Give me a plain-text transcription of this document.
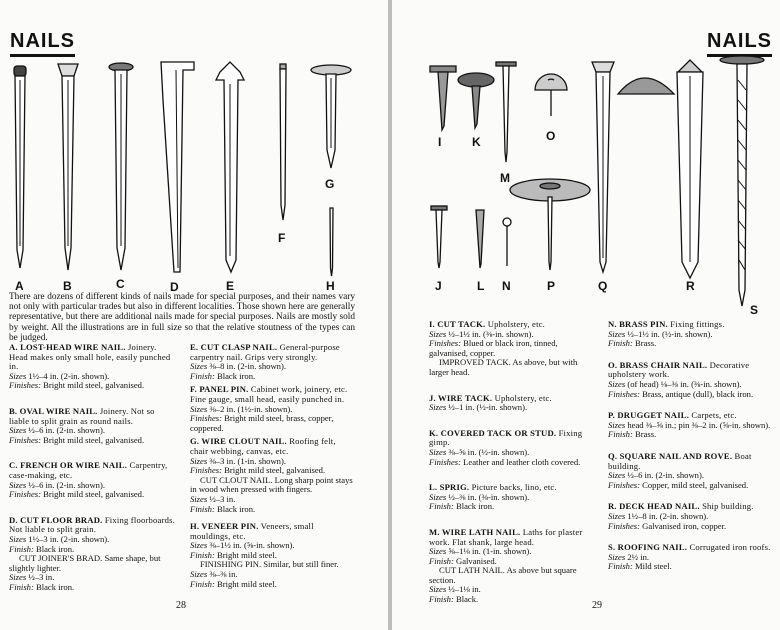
NAILS
A	B	C	D	E
F
G
H
There are dozens of different kinds of nails made for special purposes, and their names vary not only with particular trades but also in different localities. Those shown here are generally representative, but there are additional nails made for special purposes. Nails are mostly sold by weight. All the illustrations are in full size so that the relative stoutness of the types can be judged.

A. LOST-HEAD WIRE NAIL. Joinery. Head makes only small hole, easily punched in.

Sizes 1½–4 in. (2-in. shown).

Finishes: Bright mild steel, galvanised.

B. OVAL WIRE NAIL. Joinery. Not so liable to split grain as round nails.

Sizes ½–6 in. (2-in. shown).

Finishes: Bright mild steel, galvanised.

C. FRENCH OR WIRE NAIL. Carpentry, case-making, etc.

Sizes ½–6 in. (2-in. shown).

Finishes: Bright mild steel, galvanised.

D. CUT FLOOR BRAD. Fixing floorboards. Not liable to split grain.

Sizes 1½–3 in. (2-in. shown).

Finish: Black iron.

CUT JOINER'S BRAD. Same shape, but slightly lighter.

Sizes ½–3 in.

Finish: Black iron.

E. CUT CLASP NAIL. General-purpose carpentry nail. Grips very strongly.

Sizes ⅜–8 in. (2-in. shown).

Finish: Black iron.

F. PANEL PIN. Cabinet work, joinery, etc. Fine gauge, small head, easily punched in.

Sizes ⅜–2 in. (1½-in. shown).

Finishes: Bright mild steel, brass, copper, coppered.

G. WIRE CLOUT NAIL. Roofing felt, chair webbing, canvas, etc.

Sizes ⅜–3 in. (1-in. shown).

Finishes: Bright mild steel, galvanised.

CUT CLOUT NAIL. Long sharp point stays in wood when pressed with fingers.

Sizes ½–3 in.

Finish: Black iron.

H. VENEER PIN. Veneers, small mouldings, etc.

Sizes ⅜–1½ in. (⅝-in. shown).

Finish: Bright mild steel.

FINISHING PIN. Similar, but still finer.

Sizes ⅜–⅜ in.

Finish: Bright mild steel.

28
NAILS
I	K	O
M
J	L N	P	Q	R
S
29

I. CUT TACK. Upholstery, etc.

Sizes ½–1½ in. (⅜-in. shown).

Finishes: Blued or black iron, tinned, galvanised, copper.

IMPROVED TACK. As above, but with larger head.

J. WIRE TACK. Upholstery, etc.

Sizes ½–1 in. (½-in. shown).

K. COVERED TACK OR STUD. Fixing gimp.

Sizes ⅜–⅝ in. (½-in. shown).

Finishes: Leather and leather cloth covered.

L. SPRIG. Picture backs, lino, etc.

Sizes ½–⅜ in. (⅜-in. shown).

Finish: Black iron.

M. WIRE LATH NAIL. Laths for plaster work. Flat shank, large head.

Sizes ⅝–1⅛ in. (1-in. shown).

Finish: Galvanised.

CUT LATH NAIL. As above but square section.

Sizes ½–1⅛ in.

Finish: Black.

N. BRASS PIN. Fixing fittings.

Sizes ½–1½ in. (½-in. shown).

Finish: Brass.

O. BRASS CHAIR NAIL. Decorative upholstery work.

Sizes (of head) ⅛–⅜ in. (⅜-in. shown).

Finishes: Brass, antique (dull), black iron.

P. DRUGGET NAIL. Carpets, etc.

Sizes head ⅜–⅝ in.; pin ⅜–2 in. (⅝-in. shown).

Finish: Brass.

Q. SQUARE NAIL AND ROVE. Boat building.

Sizes ½–6 in. (2-in. shown).

Finishes: Copper, mild steel, galvanised.

R. DECK HEAD NAIL. Ship building.

Sizes 1½–8 in. (2-in. shown).

Finishes: Galvanised iron, copper.

S. ROOFING NAIL. Corrugated iron roofs.

Sizes 2½ in.

Finish: Mild steel.
